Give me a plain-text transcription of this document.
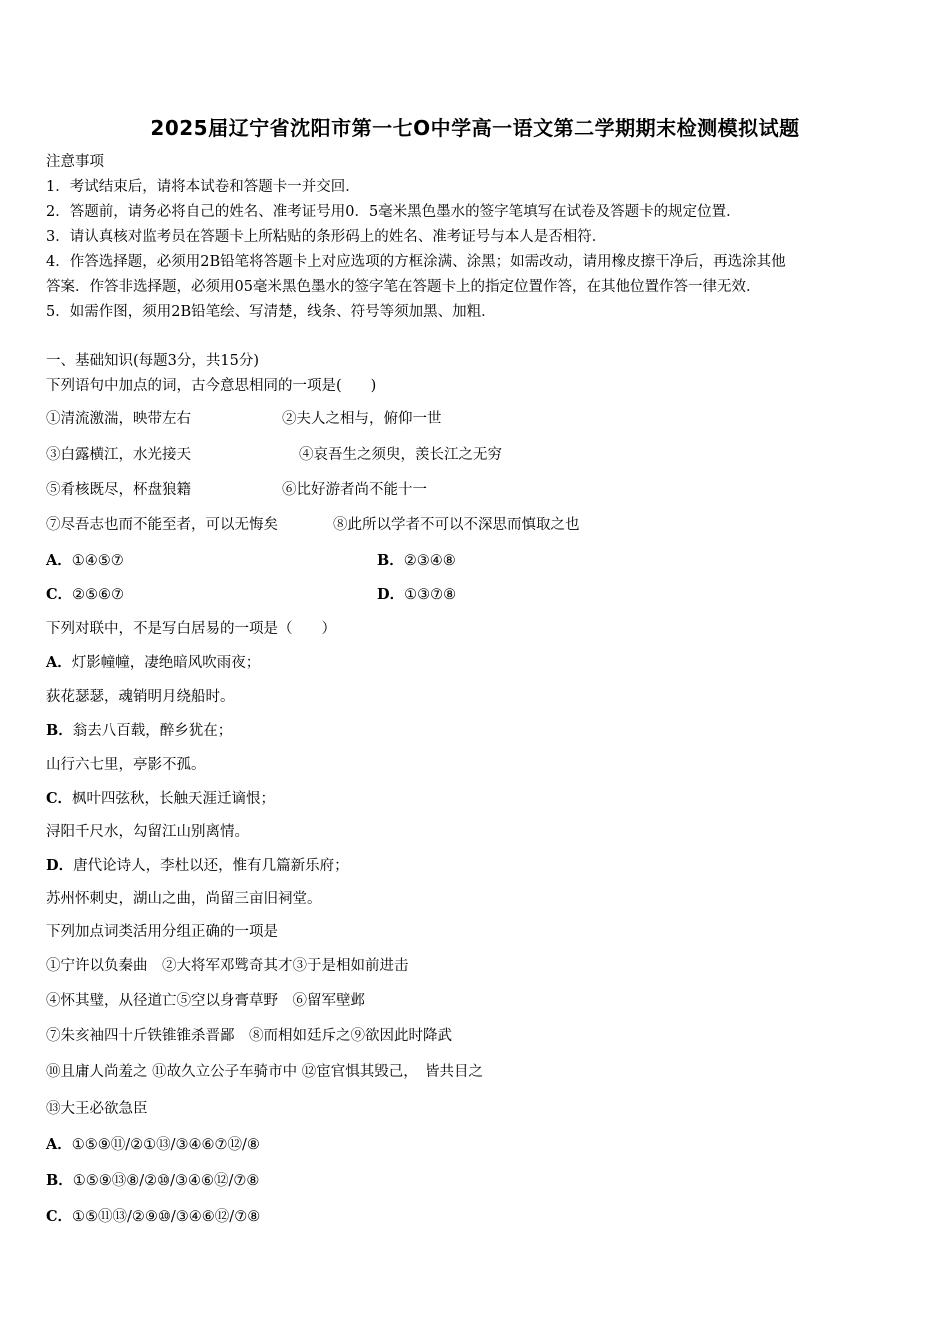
2025届辽宁省沈阳市第一七O中学高一语文第二学期期末检测模拟试题
注意事项
1．考试结束后，请将本试卷和答题卡一并交回．
2．答题前，请务必将自己的姓名、准考证号用0．5毫米黑色墨水的签字笔填写在试卷及答题卡的规定位置．
3．请认真核对监考员在答题卡上所粘贴的条形码上的姓名、准考证号与本人是否相符．
4．作答选择题，必须用2B铅笔将答题卡上对应选项的方框涂满、涂黑；如需改动，请用橡皮擦干净后，再选涂其他
答案．作答非选择题，必须用05毫米黑色墨水的签字笔在答题卡上的指定位置作答，在其他位置作答一律无效．
5．如需作图，须用2B铅笔绘、写清楚，线条、符号等须加黑、加粗．
一、基础知识(每题3分，共15分)
下列语句中加点的词，古今意思相同的一项是(　　)
①清流激湍，映带左右	②夫人之相与，俯仰一世
③白露横江，水光接天	④哀吾生之须臾，羡长江之无穷
⑤肴核既尽，杯盘狼籍	⑥比好游者尚不能十一
⑦尽吾志也而不能至者，可以无悔矣	⑧此所以学者不可以不深思而慎取之也
A．①④⑤⑦	B．②③④⑧
C．②⑤⑥⑦	D．①③⑦⑧
下列对联中，不是写白居易的一项是（　　）
A．灯影幢幢，凄绝暗风吹雨夜；
荻花瑟瑟，魂销明月绕船时。
B．翁去八百载，醉乡犹在；
山行六七里，亭影不孤。
C．枫叶四弦秋，长触天涯迁谪恨；
浔阳千尺水，勾留江山别离情。
D．唐代论诗人，李杜以还，惟有几篇新乐府；
苏州怀刺史，湖山之曲，尚留三亩旧祠堂。
下列加点词类活用分组正确的一项是
①宁许以负秦曲　②大将军邓骘奇其才③于是相如前进击
④怀其璧，从径道亡⑤空以身膏草野　⑥留军壁邺
⑦朱亥袖四十斤铁锥锥杀晋鄙　⑧而相如廷斥之⑨欲因此时降武
⑩且庸人尚羞之 ⑪故久立公子车骑市中 ⑫宦官惧其毁己，　皆共目之
⑬大王必欲急臣
A．①⑤⑨⑪/②①⑬/③④⑥⑦⑫/⑧
B．①⑤⑨⑬⑧/②⑩/③④⑥⑫/⑦⑧
C．①⑤⑪⑬/②⑨⑩/③④⑥⑫/⑦⑧
